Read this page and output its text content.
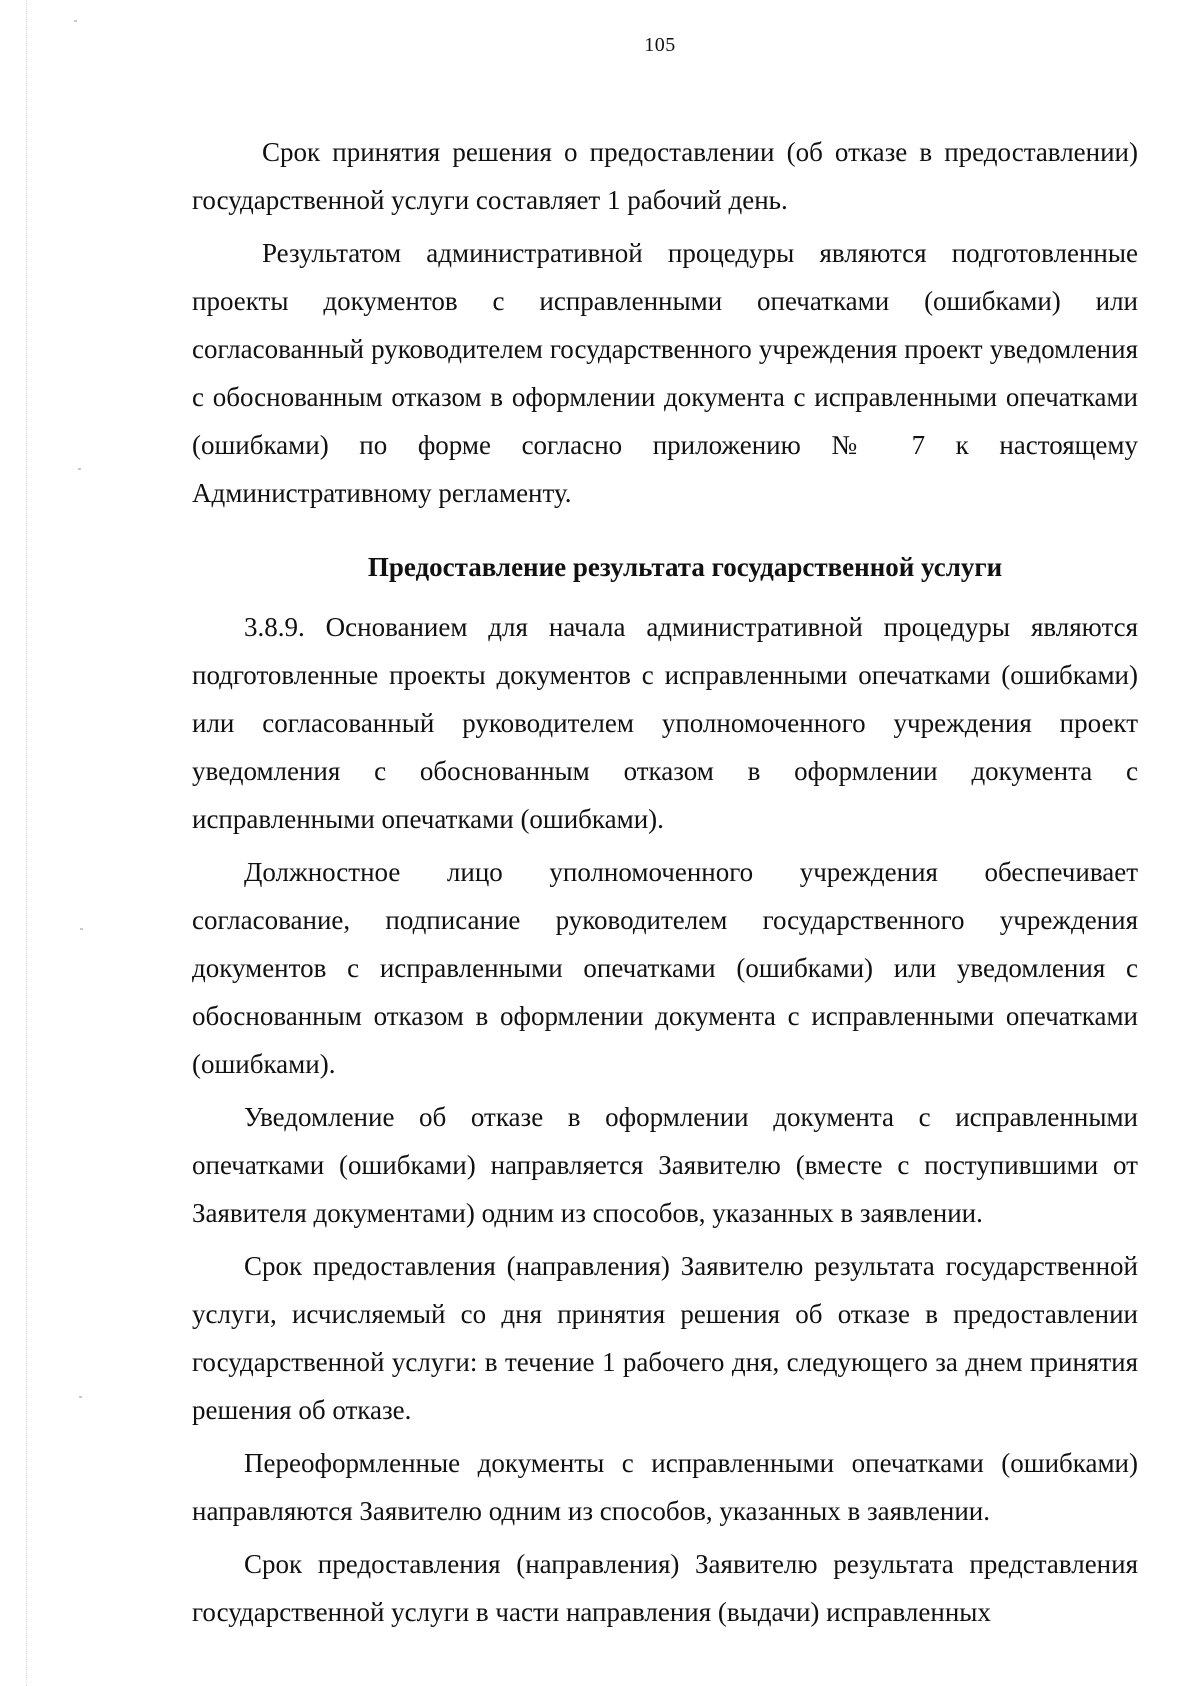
105

Срок принятия решения о предоставлении (об отказе в предоставлении) государственной услуги составляет 1 рабочий день.

Результатом административной процедуры являются подготовленные проекты документов с исправленными опечатками (ошибками) или согласованный руководителем государственного учреждения проект уведомления с обоснованным отказом в оформлении документа с исправленными опечатками (ошибками) по форме согласно приложению № 7 к настоящему Административному регламенту.

Предоставление результата государственной услуги

3.8.9. Основанием для начала административной процедуры являются подготовленные проекты документов с исправленными опечатками (ошибками) или согласованный руководителем уполномоченного учреждения проект уведомления с обоснованным отказом в оформлении документа с исправленными опечатками (ошибками).

Должностное лицо уполномоченного учреждения обеспечивает согласование, подписание руководителем государственного учреждения документов с исправленными опечатками (ошибками) или уведомления с обоснованным отказом в оформлении документа с исправленными опечатками (ошибками).

Уведомление об отказе в оформлении документа с исправленными опечатками (ошибками) направляется Заявителю (вместе с поступившими от Заявителя документами) одним из способов, указанных в заявлении.

Срок предоставления (направления) Заявителю результата государственной услуги, исчисляемый со дня принятия решения об отказе в предоставлении государственной услуги: в течение 1 рабочего дня, следующего за днем принятия решения об отказе.

Переоформленные документы с исправленными опечатками (ошибками) направляются Заявителю одним из способов, указанных в заявлении.

Срок предоставления (направления) Заявителю результата представления государственной услуги в части направления (выдачи) исправленных
